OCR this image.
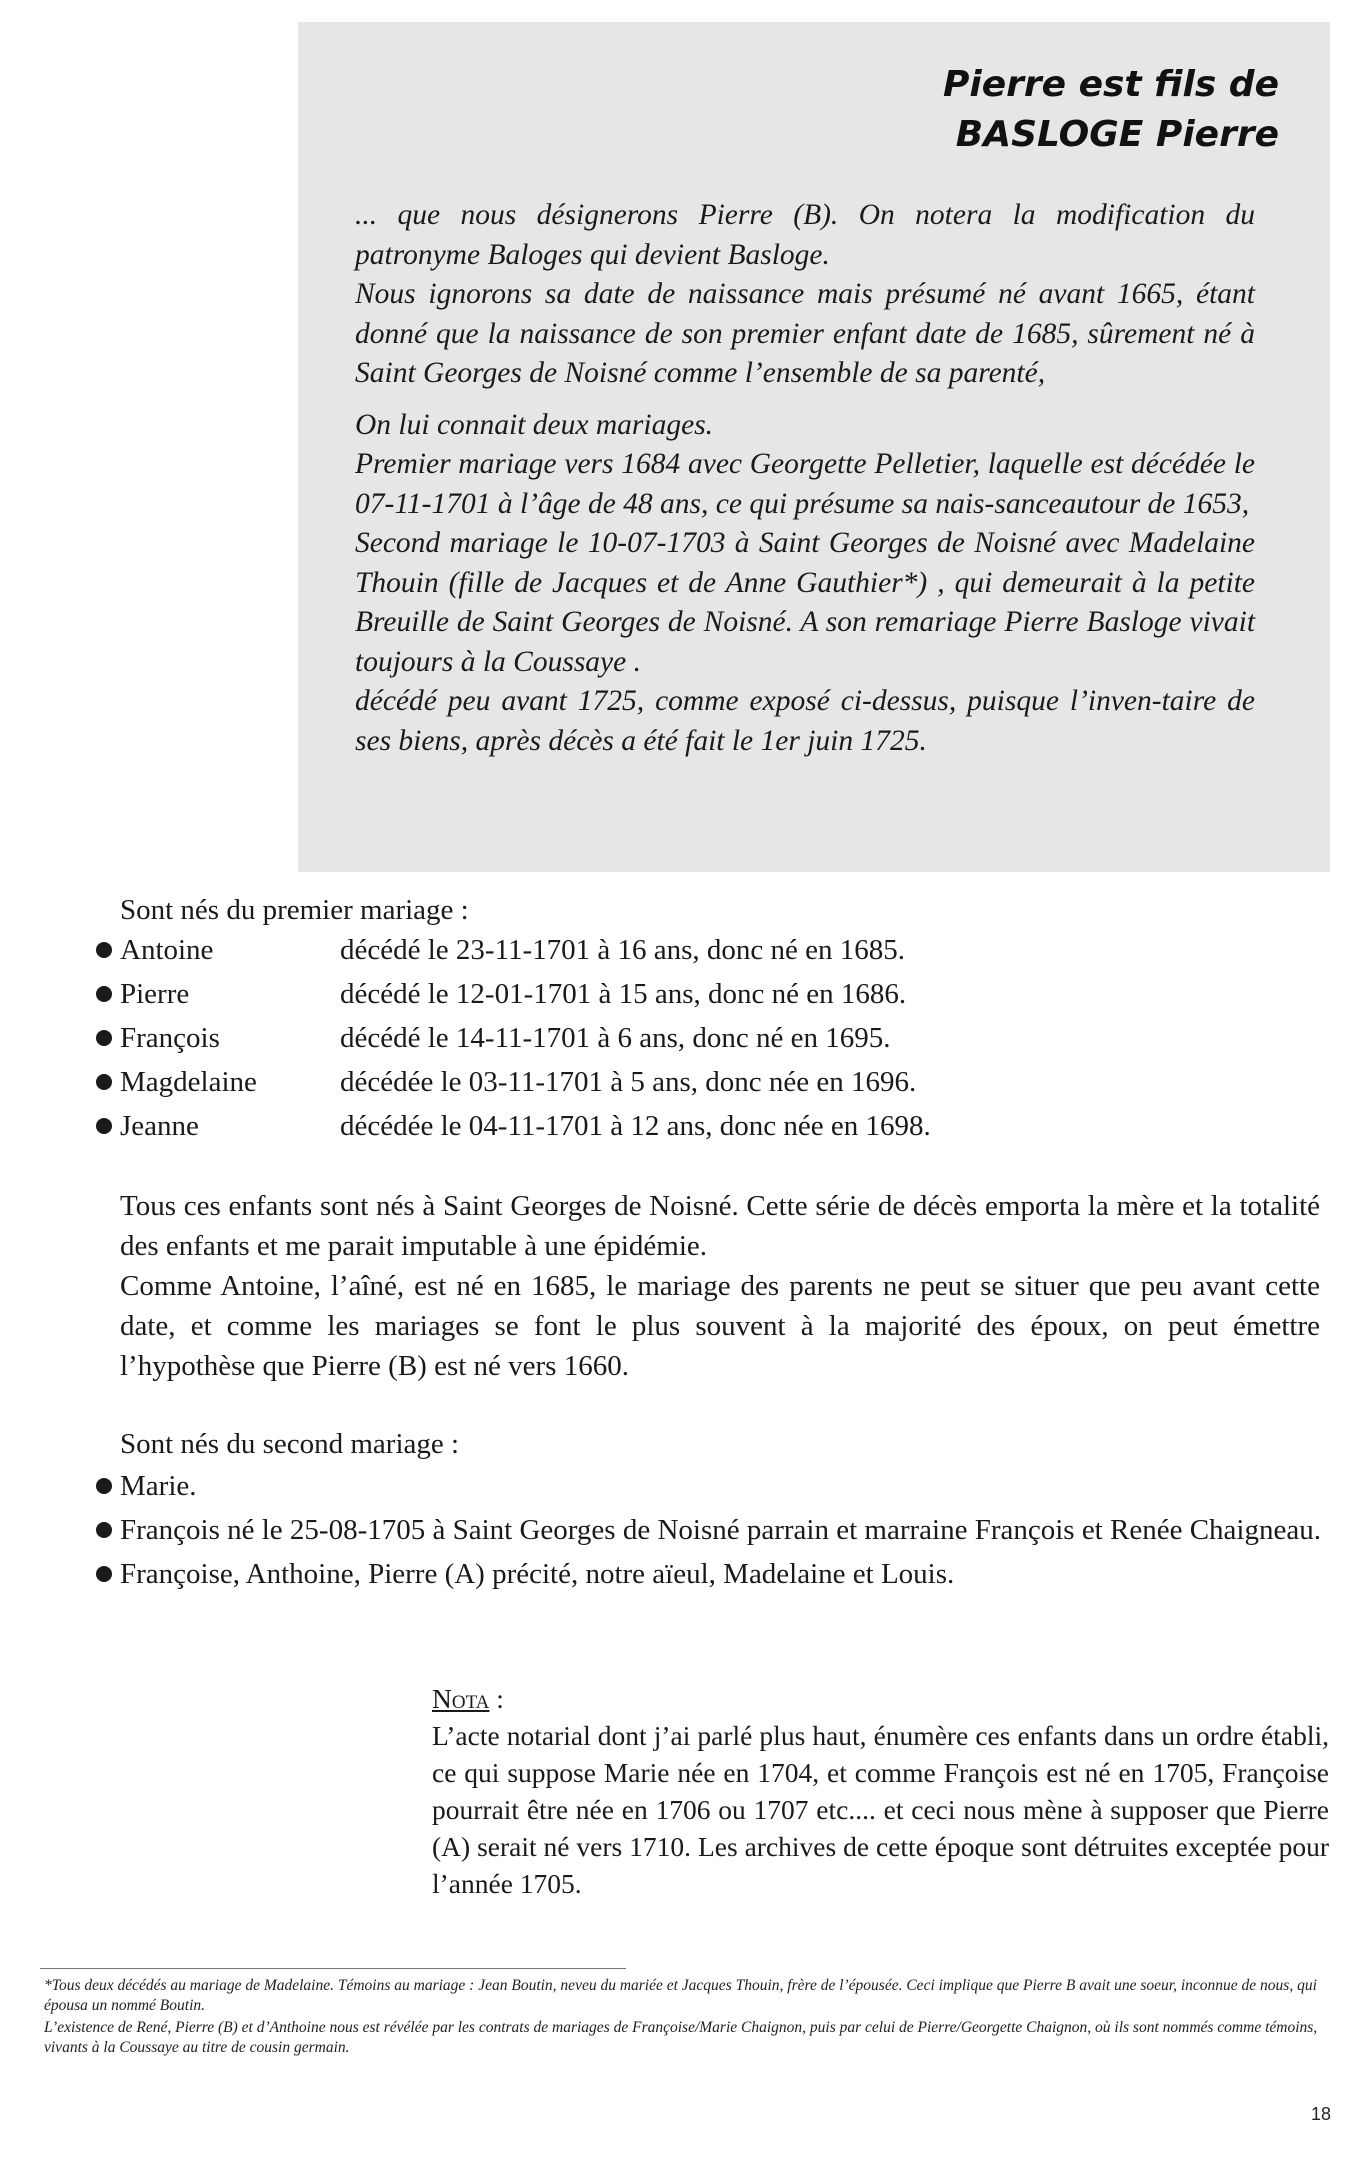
Pierre est fils de
BASLOGE Pierre

... que nous désignerons Pierre (B). On notera la modification du patronyme Baloges qui devient Basloge.
Nous ignorons sa date de naissance mais présumé né avant 1665, étant donné que la naissance de son premier enfant date de 1685, sûrement né à Saint Georges de Noisné comme l’ensemble de sa parenté,

On lui connait deux mariages.
Premier mariage vers 1684 avec Georgette Pelletier, laquelle est décédée le 07-11-1701 à l’âge de 48 ans, ce qui présume sa nais-sanceautour de 1653,
Second mariage le 10-07-1703 à Saint Georges de Noisné avec Madelaine Thouin (fille de Jacques et de Anne Gauthier*) , qui demeurait à la petite Breuille de Saint Georges de Noisné. A son remariage Pierre Basloge vivait toujours à la Coussaye .
décédé peu avant 1725, comme exposé ci-dessus, puisque l’inven-taire de ses biens, après décès a été fait le 1er juin 1725.

Sont nés du premier mariage :
Antoine	décédé le 23-11-1701 à 16 ans, donc né en 1685.
Pierre	décédé le 12-01-1701 à 15 ans, donc né en 1686.
François	décédé le 14-11-1701 à 6 ans, donc né en 1695.
Magdelaine	décédée le 03-11-1701 à 5 ans, donc née en 1696.
Jeanne	décédée le 04-11-1701 à 12 ans, donc née en 1698.

Tous ces enfants sont nés à Saint Georges de Noisné. Cette série de décès emporta la mère et la totalité des enfants et me parait imputable à une épidémie.

Comme Antoine, l’aîné, est né en 1685, le mariage des parents ne peut se situer que peu avant cette date, et comme les mariages se font le plus souvent à la majorité des époux, on peut émettre l’hypothèse que Pierre (B) est né vers 1660.

Sont nés du second mariage :
Marie.
François né le 25-08-1705 à Saint Georges de Noisné parrain et marraine François et Renée Chaigneau.
Françoise, Anthoine, Pierre (A) précité, notre aïeul, Madelaine et Louis.
Nota :
L’acte notarial dont j’ai parlé plus haut, énumère ces enfants dans un ordre établi, ce qui suppose Marie née en 1704, et comme François est né en 1705, Françoise pourrait être née en 1706 ou 1707 etc.... et ceci nous mène à supposer que Pierre (A) serait né vers 1710. Les archives de cette époque sont détruites exceptée pour l’année 1705.

*Tous deux décédés au mariage de Madelaine. Témoins au mariage : Jean Boutin, neveu du mariée et Jacques Thouin, frère de l’épousée. Ceci implique que Pierre B avait une soeur, inconnue de nous, qui épousa un nommé Boutin.

L’existence de René, Pierre (B) et d’Anthoine nous est révélée par les contrats de mariages de Françoise/Marie Chaignon, puis par celui de Pierre/Georgette Chaignon, où ils sont nommés comme témoins, vivants à la Coussaye au titre de cousin germain.

18
